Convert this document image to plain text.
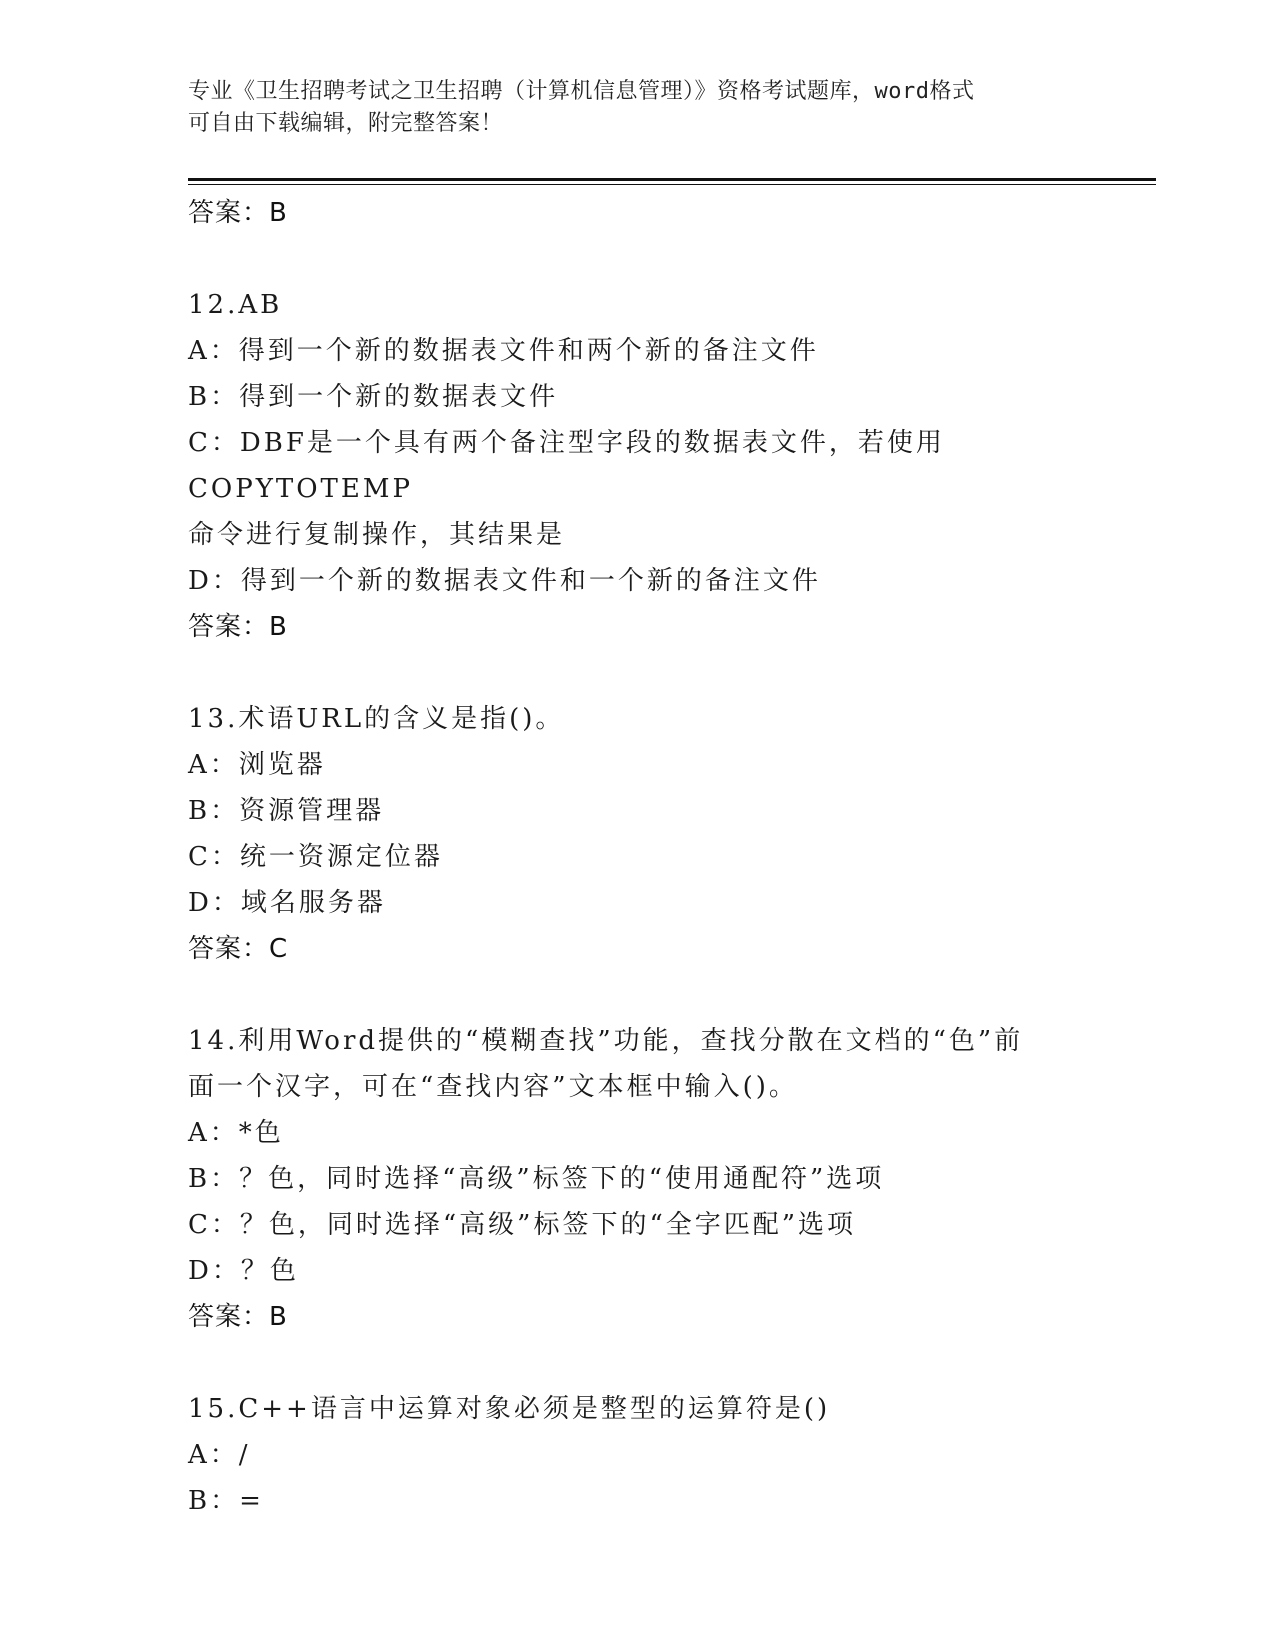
专业《卫生招聘考试之卫生招聘（计算机信息管理）》资格考试题库，word格式
可自由下载编辑，附完整答案！
答案：B
12.AB
A：得到一个新的数据表文件和两个新的备注文件
B：得到一个新的数据表文件
C：DBF是一个具有两个备注型字段的数据表文件，若使用COPYTOTEMP
命令进行复制操作，其结果是
D：得到一个新的数据表文件和一个新的备注文件
答案：B
13.术语URL的含义是指()。
A：浏览器
B：资源管理器
C：统一资源定位器
D：域名服务器
答案：C
14.利用Word提供的“模糊查找”功能，查找分散在文档的“色”前
面一个汉字，可在“查找内容”文本框中输入()。
A：*色
B：？色，同时选择“高级”标签下的“使用通配符”选项
C：？色，同时选择“高级”标签下的“全字匹配”选项
D：？色
答案：B
15.C++语言中运算对象必须是整型的运算符是()
A：/
B：=
